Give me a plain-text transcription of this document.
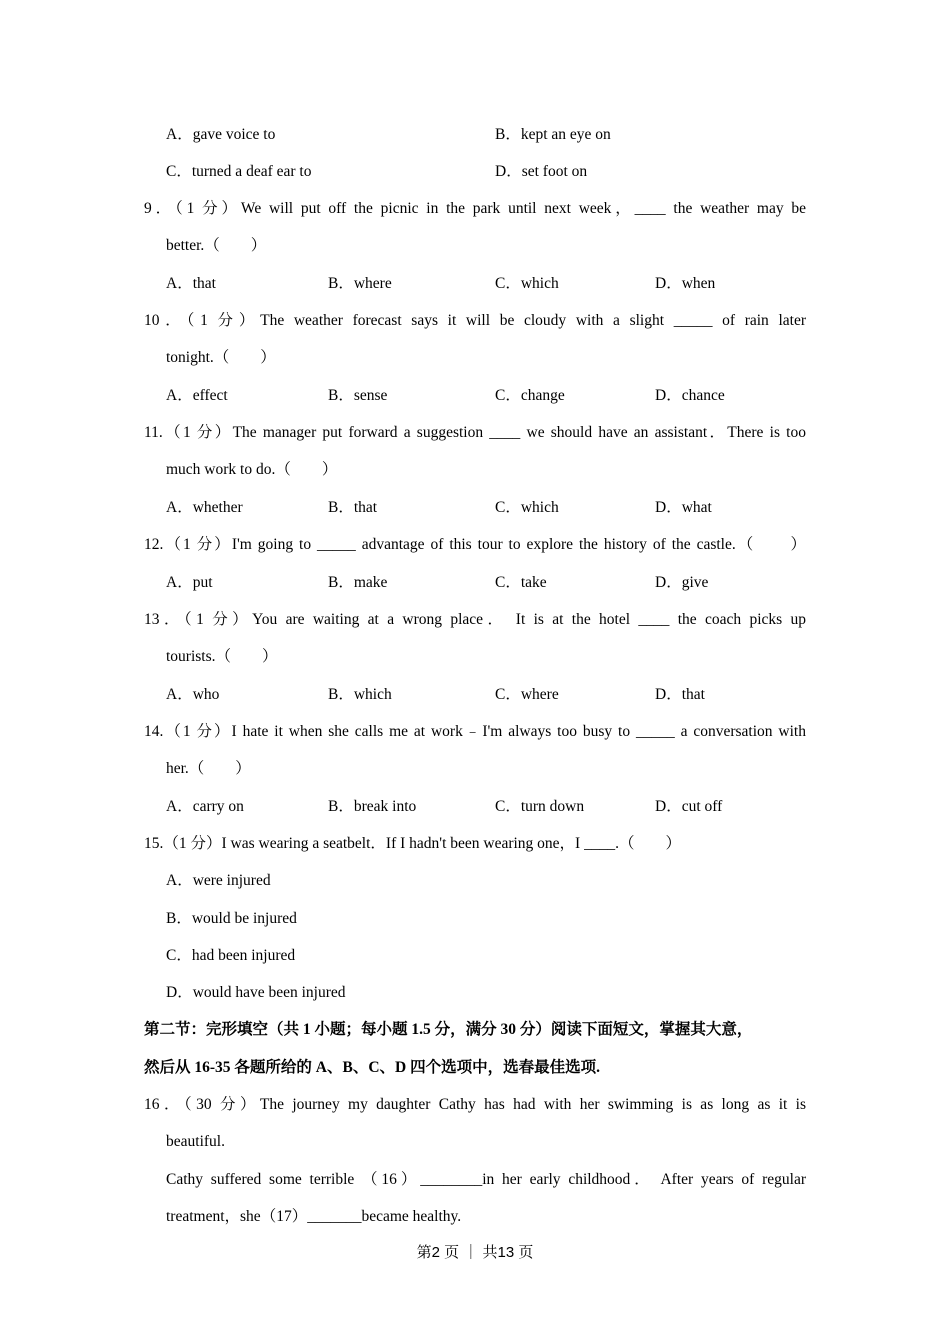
A．gave voice to	B．kept an eye on
C．turned a deaf ear to	D．set foot on
9．（1 分）We will put off the picnic in the park until next week，____ the weather may be
better.（　　）
A．that	B．where	C．which	D．when
10．（1 分）The weather forecast says it will be cloudy with a slight _____ of rain later
tonight.（　　）
A．effect	B．sense	C．change	D．chance
11.（1 分）The manager put forward a suggestion ____ we should have an assistant．There is too
much work to do.（　　）
A．whether	B．that	C．which	D．what
12.（1 分）I'm going to _____ advantage of this tour to explore the history of the castle.（　　）
A．put	B．make	C．take	D．give
13．（1 分）You are waiting at a wrong place． It is at the hotel ____ the coach picks up
tourists.（　　）
A．who	B．which	C．where	D．that
14.（1 分）I hate it when she calls me at work﹣I'm always too busy to _____ a conversation with
her.（　　）
A．carry on	B．break into	C．turn down	D．cut off
15.（1 分）I was wearing a seatbelt．If I hadn't been wearing one，I ____.（　　）
A．were injured
B．would be injured
C．had been injured
D．would have been injured
第二节：完形填空（共 1 小题；每小题 1.5 分，满分 30 分）阅读下面短文，掌握其大意，
然后从 16-35 各题所给的 A、B、C、D 四个选项中，选春最佳选项.
16．（30 分）The journey my daughter Cathy has had with her swimming is as long as it is
beautiful.
Cathy suffered some terrible （16）________in her early childhood． After years of regular
treatment，she（17）_______became healthy.
第2 页 ｜ 共13 页
